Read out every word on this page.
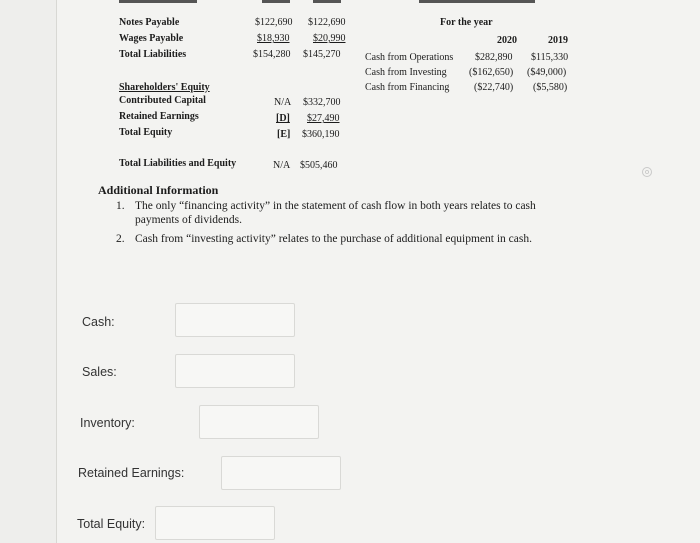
Notes Payable
Wages Payable
Total Liabilities
$122,690 $122,690
$18,930 $20,990
$154,280 $145,270
For the year
2020	2019
Cash from Operations
Cash from Investing
Cash from Financing
$282,890 $115,330
($162,650) ($49,000)
($22,740) ($5,580)
Shareholders' Equity
Contributed Capital
Retained Earnings
Total Equity
N/A $332,700
[D] $27,490
[E] $360,190
Total Liabilities and Equity	N/A $505,460
o
Additional Information
1. The only “financing activity” in the statement of cash flow in both years relates to cash
payments of dividends.
2. Cash from “investing activity” relates to the purchase of additional equipment in cash.
Cash:
Sales:
Inventory:
Retained Earnings:
Total Equity:
